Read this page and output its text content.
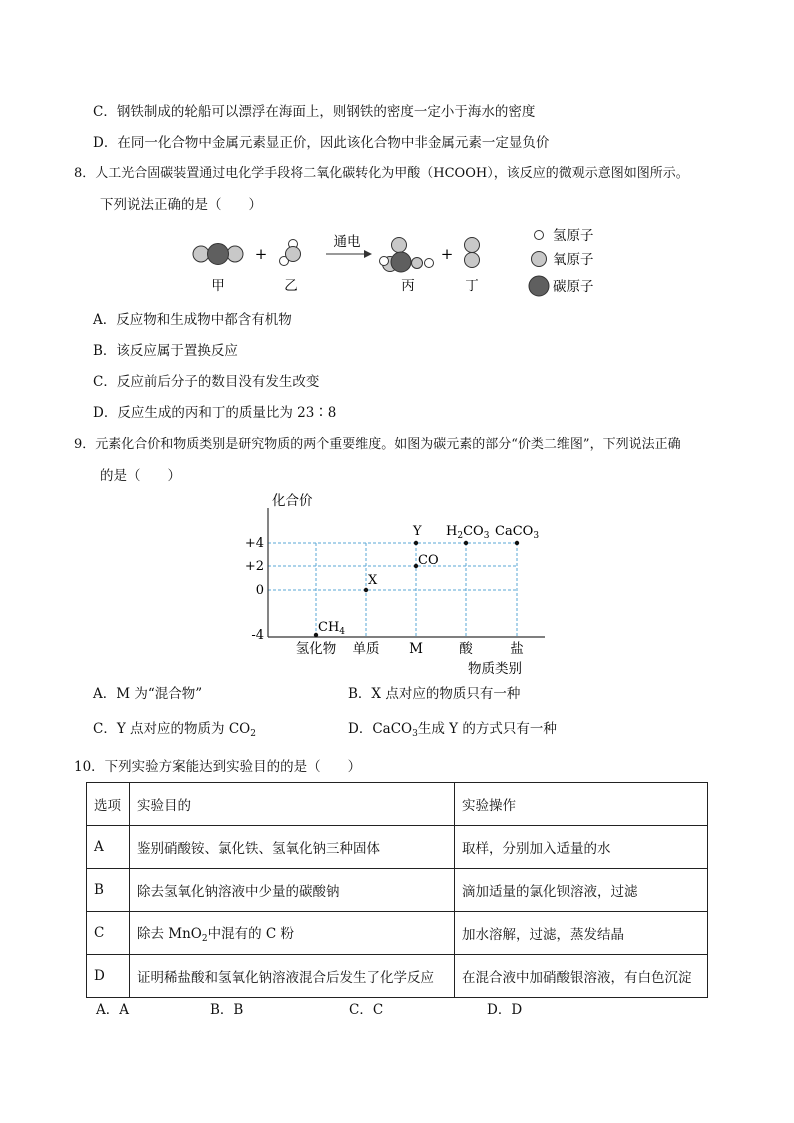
C．钢铁制成的轮船可以漂浮在海面上，则钢铁的密度一定小于海水的密度
D．在同一化合物中金属元素显正价，因此该化合物中非金属元素一定显负价
8．人工光合固碳装置通过电化学手段将二氧化碳转化为甲酸（HCOOH），该反应的微观示意图如图所示。
下列说法正确的是（　　）
+
通电
+
甲	乙	丙	丁
氢原子
氧原子
碳原子
A．反应物和生成物中都含有机物
B．该反应属于置换反应
C．反应前后分子的数目没有发生改变
D．反应生成的丙和丁的质量比为 23∶8
9．元素化合价和物质类别是研究物质的两个重要维度。如图为碳元素的部分“价类二维图”，下列说法正确
的是（　　）
化合价
+4
+2
0
-4
氢化物 单质 M	酸	盐
物质类别
$CH_4$
X
CO
Y $H_2CO_3$ CaCO$_3$
A．M 为“混合物”	B．X 点对应的物质只有一种
C．Y 点对应的物质为 $CO_2$	D．CaCO$_3$生成 Y 的方式只有一种
10．下列实验方案能达到实验目的的是（　　）
选项	实验目的	实验操作
A	鉴别硝酸铵、氯化铁、氢氧化钠三种固体	取样，分别加入适量的水
B	除去氢氧化钠溶液中少量的碳酸钠	滴加适量的氯化钡溶液，过滤
C	除去 MnO$_2$中混有的 C 粉	加水溶解，过滤，蒸发结晶
D	证明稀盐酸和氢氧化钠溶液混合后发生了化学反应	在混合液中加硝酸银溶液，有白色沉淀
A．A	B．B	C．C	D．D
